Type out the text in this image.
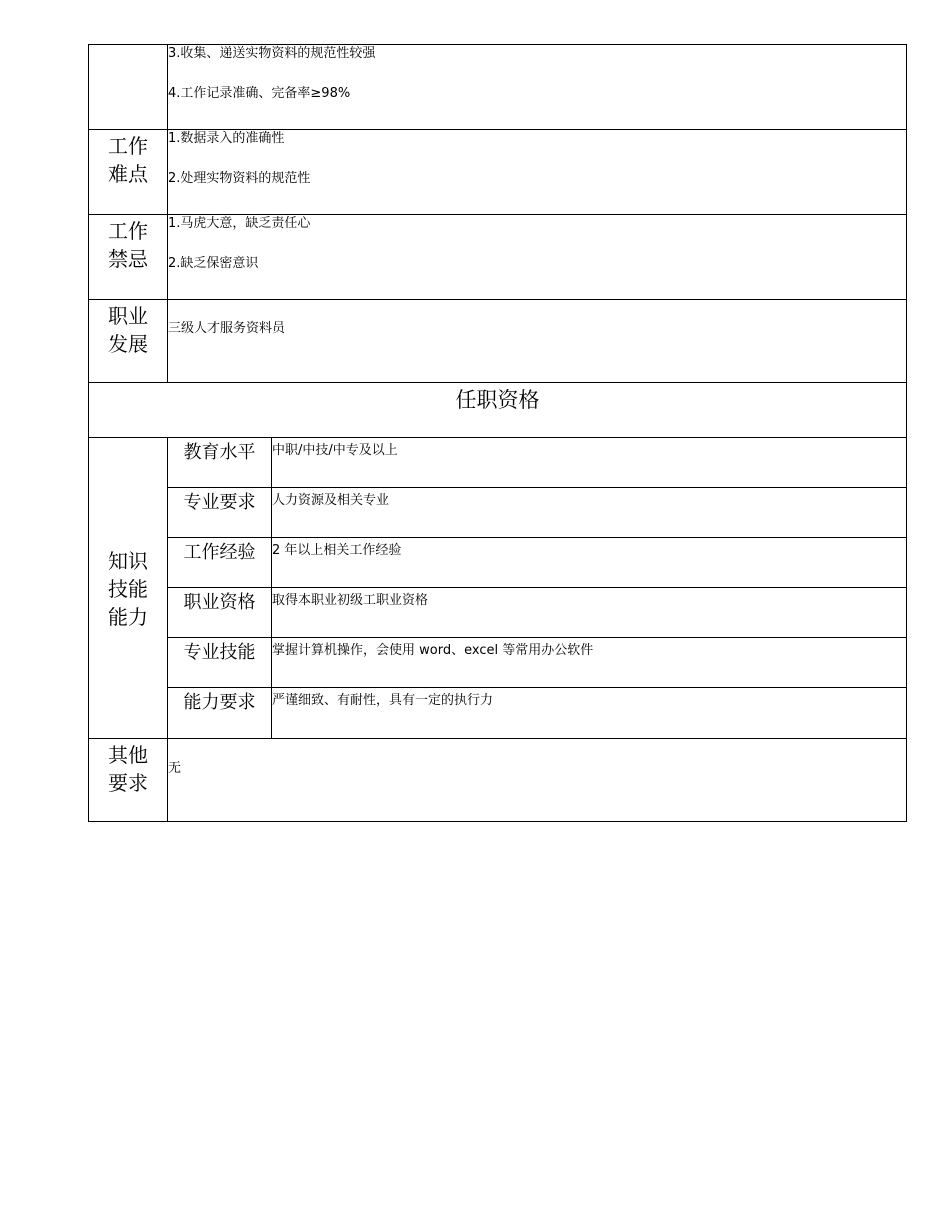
	3.收集、递送实物资料的规范性较强
4.工作记录准确、完备率≥98%	

工作难点	1.数据录入的准确性
2.处理实物资料的规范性	

工作禁忌	1.马虎大意，缺乏责任心
2.缺乏保密意识	

职业发展	三级人才服务资料员	

任职资格		

知识技能能力	教育水平	中职/中技/中专及以上
	专业要求	人力资源及相关专业
	工作经验	2 年以上相关工作经验
	职业资格	取得本职业初级工职业资格
	专业技能	掌握计算机操作，会使用 word、excel 等常用办公软件
	能力要求	严谨细致、有耐性，具有一定的执行力

其他要求	无	
